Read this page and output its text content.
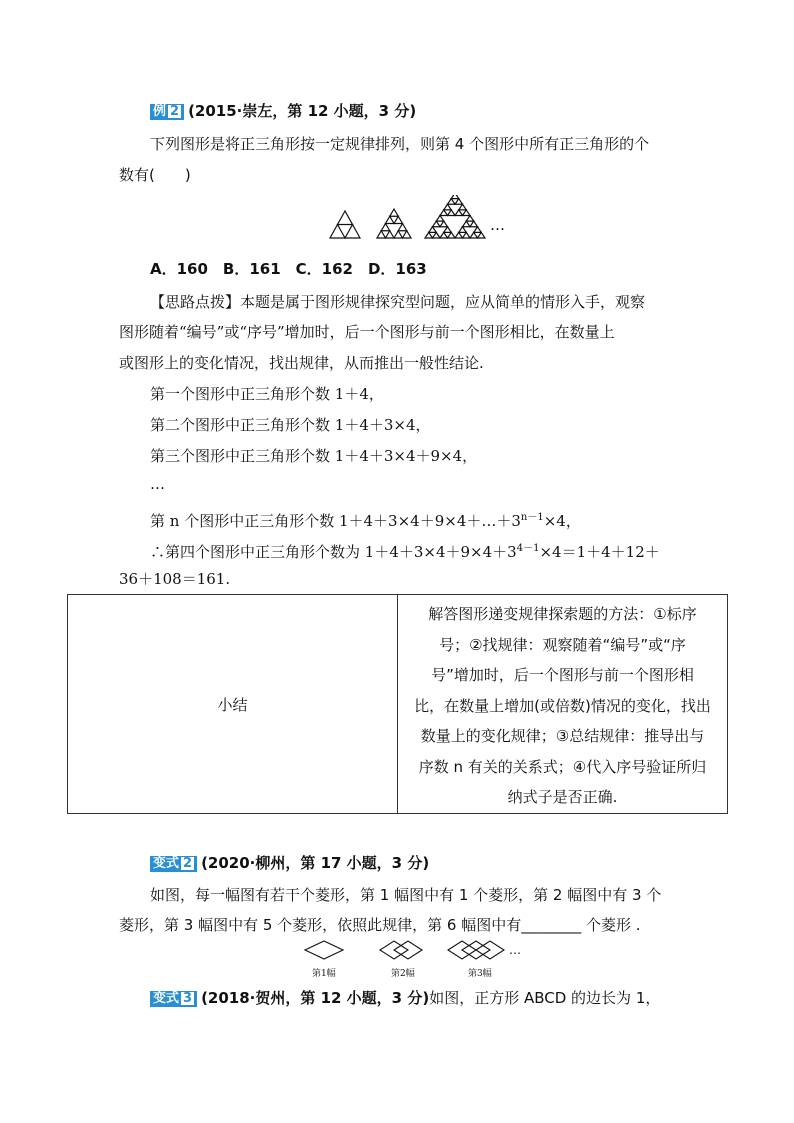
例 2 (2015·崇左，第 12 小题，3 分)
下列图形是将正三角形按一定规律排列，则第 4 个图形中所有正三角形的个
数有(　　)
…
A．160　B．161　C．162　D．163
【思路点拨】本题是属于图形规律探究型问题，应从简单的情形入手，观察
图形随着“编号”或“序号”增加时，后一个图形与前一个图形相比，在数量上
或图形上的变化情况，找出规律，从而推出一般性结论.
第一个图形中正三角形个数 1＋4，
第二个图形中正三角形个数 1＋4＋3×4，
第三个图形中正三角形个数 1＋4＋3×4＋9×4，
…
第 n 个图形中正三角形个数 $1+4+3\times 4+9\times 4+\dots+3^{n-1}\times 4$，
∴第四个图形中正三角形个数为 $1+4+3\times 4+9\times 4+3^{4-1}\times 4=1+4+12+$
36＋108＝161.
小结
解答图形递变规律探索题的方法：①标序
号；②找规律：观察随着“编号”或“序
号”增加时，后一个图形与前一个图形相
比，在数量上增加(或倍数)情况的变化，找出
数量上的变化规律；③总结规律：推导出与
序数 n 有关的关系式；④代入序号验证所归
纳式子是否正确.
变式 2 (2020·柳州，第 17 小题，3 分)
如图，每一幅图有若干个菱形，第 1 幅图中有 1 个菱形，第 2 幅图中有 3 个
菱形，第 3 幅图中有 5 个菱形，依照此规律，第 6 幅图中有________ 个菱形 .
…
第1幅	第2幅	第3幅
变式 3 (2018·贺州，第 12 小题，3 分)如图，正方形 ABCD 的边长为 1，
